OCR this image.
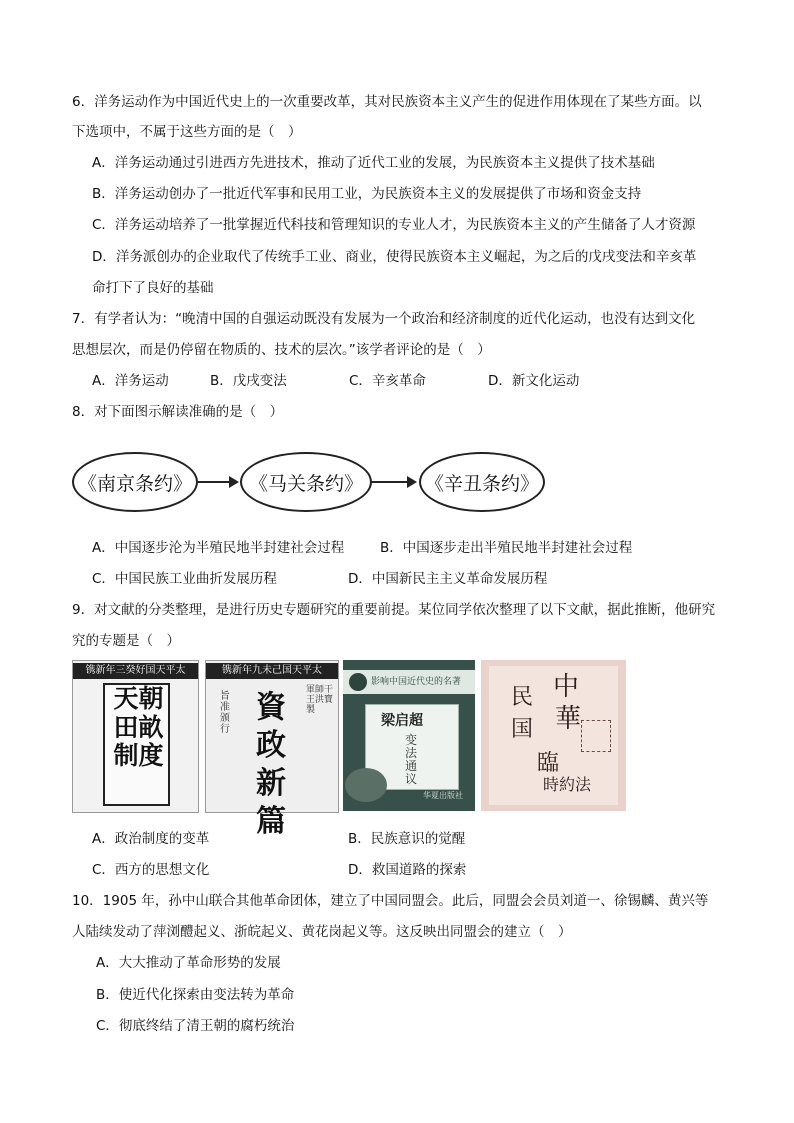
6．洋务运动作为中国近代史上的一次重要改革，其对民族资本主义产生的促进作用体现在了某些方面。以
下选项中，不属于这些方面的是（　）
A．洋务运动通过引进西方先进技术，推动了近代工业的发展，为民族资本主义提供了技术基础
B．洋务运动创办了一批近代军事和民用工业，为民族资本主义的发展提供了市场和资金支持
C．洋务运动培养了一批掌握近代科技和管理知识的专业人才，为民族资本主义的产生储备了人才资源
D．洋务派创办的企业取代了传统手工业、商业，使得民族资本主义崛起，为之后的戊戌变法和辛亥革
命打下了良好的基础
7．有学者认为：“晚清中国的自强运动既没有发展为一个政治和经济制度的近代化运动，也没有达到文化
思想层次，而是仍停留在物质的、技术的层次。”该学者评论的是（　）
A．洋务运动	B．戊戌变法	C．辛亥革命	D．新文化运动
8．对下面图示解读准确的是（　）
《南京条约》	《马关条约》	《辛丑条约》
A．中国逐步沦为半殖民地半封建社会过程	B．中国逐步走出半殖民地半封建社会过程
C．中国民族工业曲折发展历程	D．中国新民主主义革命发展历程
9．对文献的分类整理，是进行历史专题研究的重要前提。某位同学依次整理了以下文献，据此推断，他研究
究的专题是（　）
镌新年三癸好国天平太
天朝田畝制度
镌新年九未己国天平太
旨准颁行
資政新篇
軍師干王洪寶製
影响中国近代史的名著
梁启超
变法通议
华夏出版社
民 中
国 華
臨
時約法
A．政治制度的变革	B．民族意识的觉醒
C．西方的思想文化	D．救国道路的探索
10．1905 年，孙中山联合其他革命团体，建立了中国同盟会。此后，同盟会会员刘道一、徐锡麟、黄兴等
人陆续发动了萍浏醴起义、浙皖起义、黄花岗起义等。这反映出同盟会的建立（　）
A．大大推动了革命形势的发展
B．使近代化探索由变法转为革命
C．彻底终结了清王朝的腐朽统治
